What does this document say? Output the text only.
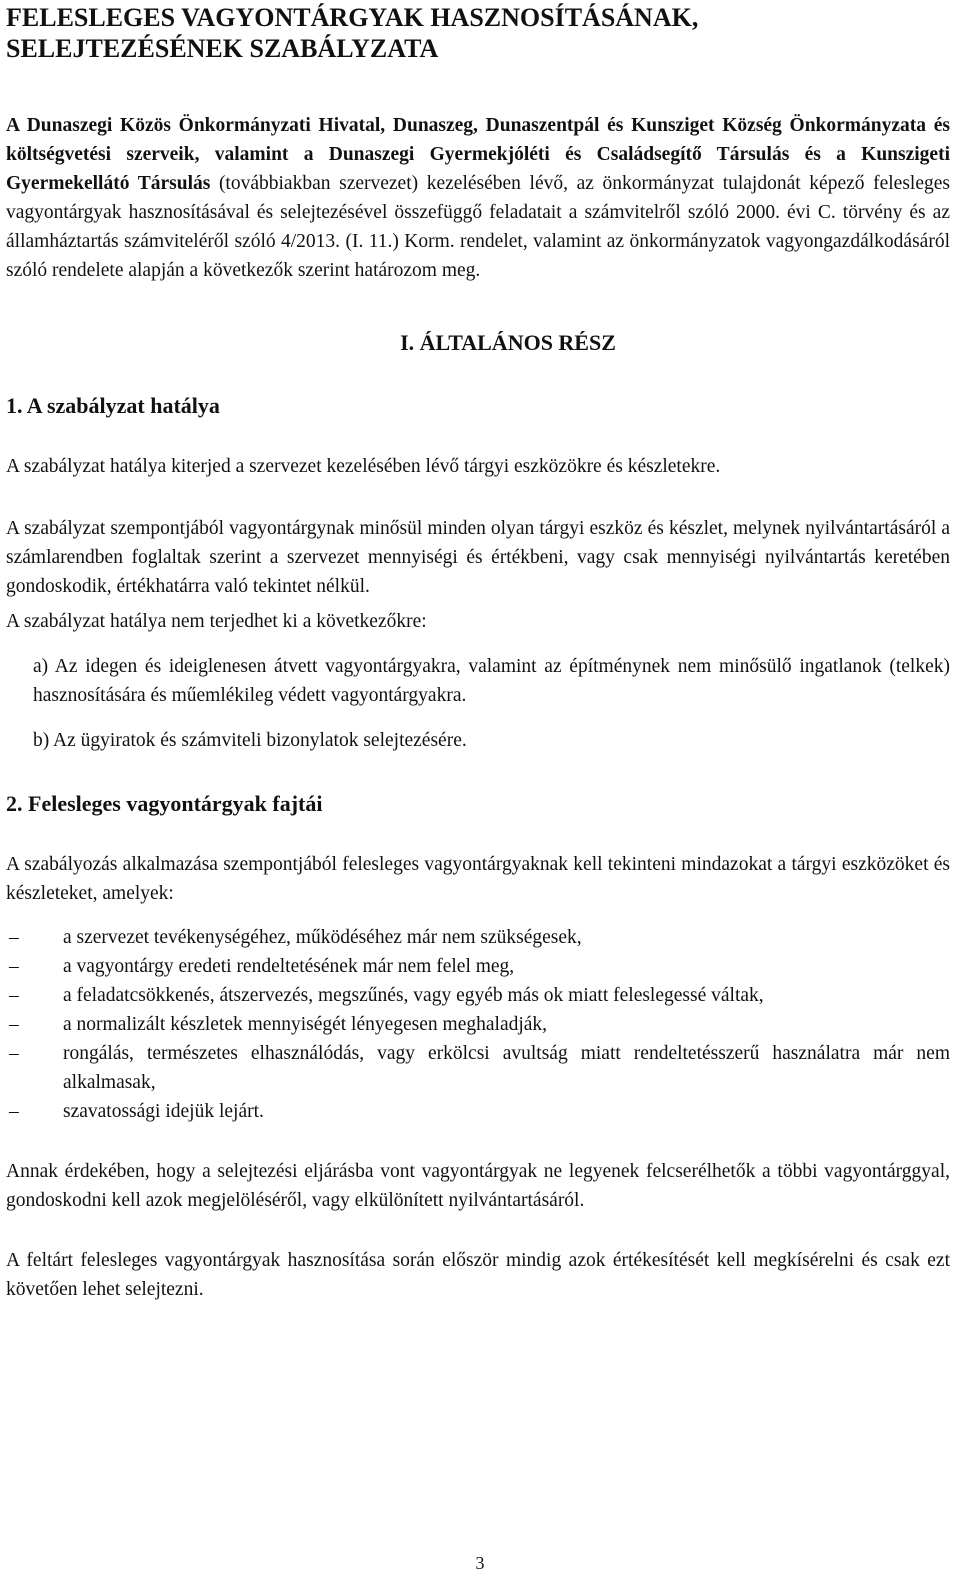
FELESLEGES VAGYONTÁRGYAK HASZNOSÍTÁSÁNAK,
SELEJTEZÉSÉNEK SZABÁLYZATA

A Dunaszegi Közös Önkormányzati Hivatal, Dunaszeg, Dunaszentpál és Kunsziget Község Önkormányzata és költségvetési szerveik, valamint a Dunaszegi Gyermekjóléti és Családsegítő Társulás és a Kunszigeti Gyermekellátó Társulás (továbbiakban szervezet) kezelésében lévő, az önkormányzat tulajdonát képező felesleges vagyontárgyak hasznosításával és selejtezésével összefüggő feladatait a számvitelről szóló 2000. évi C. törvény és az államháztartás számviteléről szóló 4/2013. (I. 11.) Korm. rendelet, valamint az önkormányzatok vagyongazdálkodásáról szóló rendelete alapján a következők szerint határozom meg.

I. ÁLTALÁNOS RÉSZ
1. A szabályzat hatálya

A szabályzat hatálya kiterjed a szervezet kezelésében lévő tárgyi eszközökre és készletekre.

A szabályzat szempontjából vagyontárgynak minősül minden olyan tárgyi eszköz és készlet, melynek nyilvántartásáról a számlarendben foglaltak szerint a szervezet mennyiségi és értékbeni, vagy csak mennyiségi nyilvántartás keretében gondoskodik, értékhatárra való tekintet nélkül.

A szabályzat hatálya nem terjedhet ki a következőkre:

a) Az idegen és ideiglenesen átvett vagyontárgyakra, valamint az építménynek nem minősülő ingatlanok (telkek) hasznosítására és műemlékileg védett vagyontárgyakra.
b) Az ügyiratok és számviteli bizonylatok selejtezésére.
2. Felesleges vagyontárgyak fajtái

A szabályozás alkalmazása szempontjából felesleges vagyontárgyaknak kell tekinteni mindazokat a tárgyi eszközöket és készleteket, amelyek:

–	a szervezet tevékenységéhez, működéséhez már nem szükségesek,
–	a vagyontárgy eredeti rendeltetésének már nem felel meg,
–	a feladatcsökkenés, átszervezés, megszűnés, vagy egyéb más ok miatt feleslegessé váltak,
–	a normalizált készletek mennyiségét lényegesen meghaladják,
–	rongálás, természetes elhasználódás, vagy erkölcsi avultság miatt rendeltetésszerű használatra már nem alkalmasak,
–	szavatossági idejük lejárt.

Annak érdekében, hogy a selejtezési eljárásba vont vagyontárgyak ne legyenek felcserélhetők a többi vagyontárggyal, gondoskodni kell azok megjelöléséről, vagy elkülönített nyilvántartásáról.

A feltárt felesleges vagyontárgyak hasznosítása során először mindig azok értékesítését kell megkísérelni és csak ezt követően lehet selejtezni.

3
